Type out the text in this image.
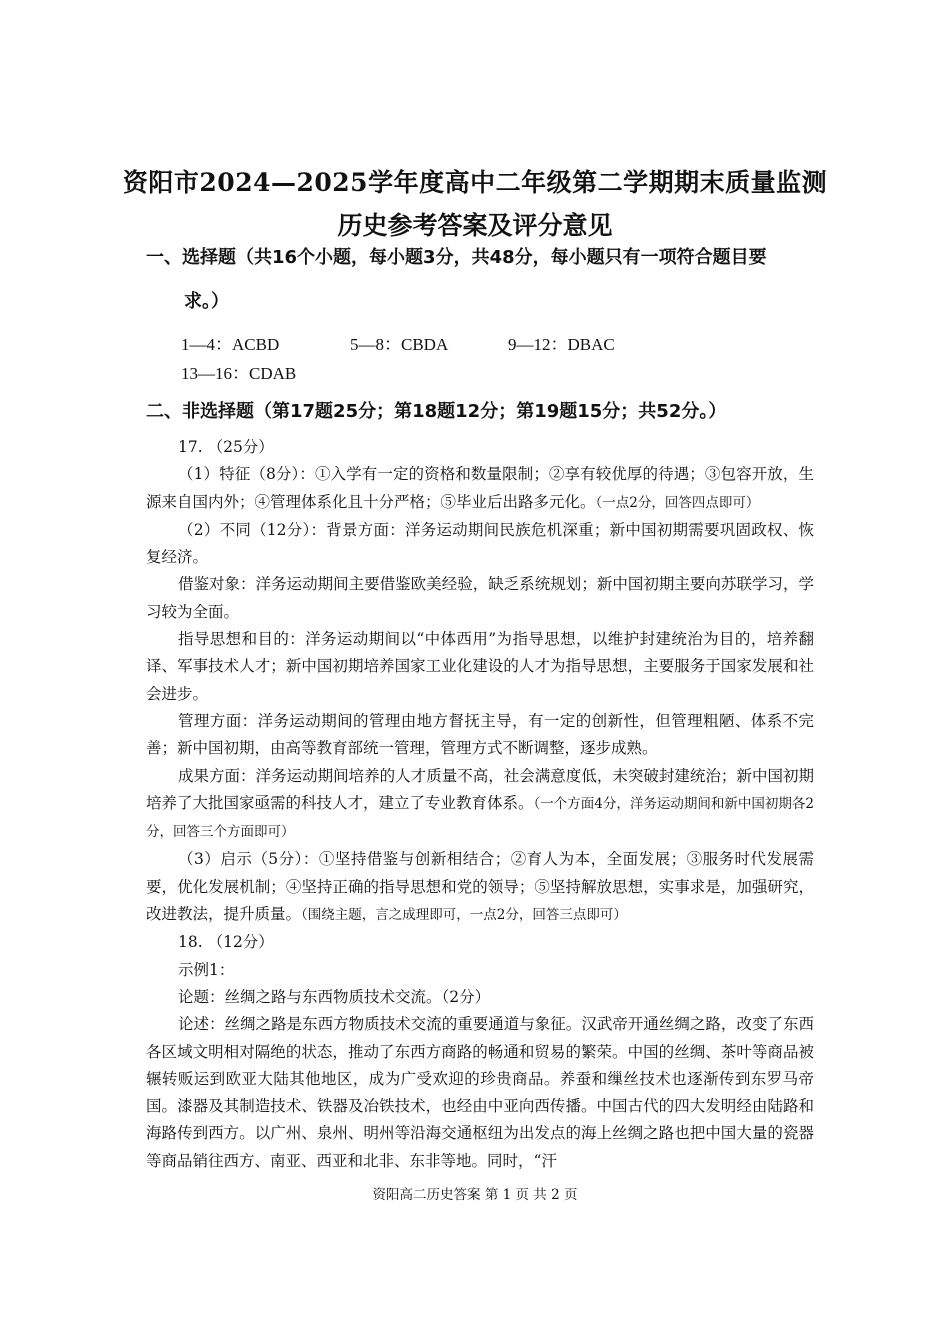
资阳市2024—2025学年度高中二年级第二学期期末质量监测
历史参考答案及评分意见
一、选择题（共16个小题，每小题3分，共48分，每小题只有一项符合题目要
求。）
1—4：ACBD	5—8：CBDA	9—12：DBAC
13—16：CDAB
二、非选择题（第17题25分；第18题12分；第19题15分；共52分。）

17. （25分）

（1）特征（8分）：①入学有一定的资格和数量限制；②享有较优厚的待遇；③包容开放，生源来自国内外；④管理体系化且十分严格；⑤毕业后出路多元化。（一点2分，回答四点即可）

（2）不同（12分）：背景方面：洋务运动期间民族危机深重；新中国初期需要巩固政权、恢复经济。

借鉴对象：洋务运动期间主要借鉴欧美经验，缺乏系统规划；新中国初期主要向苏联学习，学习较为全面。

指导思想和目的：洋务运动期间以“中体西用”为指导思想，以维护封建统治为目的，培养翻译、军事技术人才；新中国初期培养国家工业化建设的人才为指导思想，主要服务于国家发展和社会进步。

管理方面：洋务运动期间的管理由地方督抚主导，有一定的创新性，但管理粗陋、体系不完善；新中国初期，由高等教育部统一管理，管理方式不断调整，逐步成熟。

成果方面：洋务运动期间培养的人才质量不高，社会满意度低，未突破封建统治；新中国初期培养了大批国家亟需的科技人才，建立了专业教育体系。（一个方面4分，洋务运动期间和新中国初期各2分，回答三个方面即可）

（3）启示（5分）：①坚持借鉴与创新相结合；②育人为本，全面发展；③服务时代发展需要，优化发展机制；④坚持正确的指导思想和党的领导；⑤坚持解放思想，实事求是，加强研究，改进教法，提升质量。（围绕主题，言之成理即可，一点2分，回答三点即可）

18. （12分）

示例1：

论题：丝绸之路与东西物质技术交流。（2分）

论述：丝绸之路是东西方物质技术交流的重要通道与象征。汉武帝开通丝绸之路，改变了东西各区域文明相对隔绝的状态，推动了东西方商路的畅通和贸易的繁荣。中国的丝绸、茶叶等商品被辗转贩运到欧亚大陆其他地区，成为广受欢迎的珍贵商品。养蚕和缫丝技术也逐渐传到东罗马帝国。漆器及其制造技术、铁器及冶铁技术，也经由中亚向西传播。中国古代的四大发明经由陆路和海路传到西方。以广州、泉州、明州等沿海交通枢纽为出发点的海上丝绸之路也把中国大量的瓷器等商品销往西方、南亚、西亚和北非、东非等地。同时，“汗

资阳高二历史答案 第 1 页 共 2 页
